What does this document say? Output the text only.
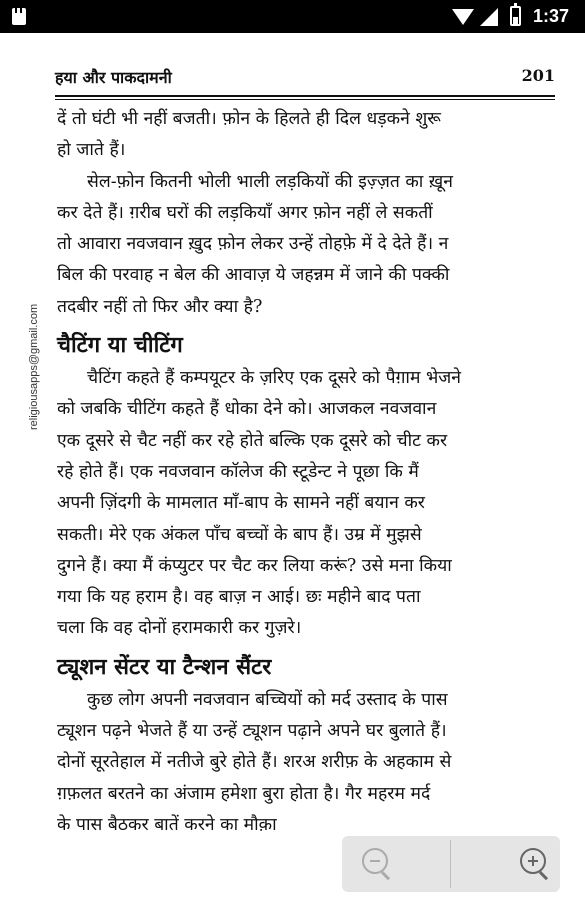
1:37
हया और पाकदामनी	201
religiousapps@gmail.com
दें तो घंटी भी नहीं बजती। फ़ोन के हिलते ही दिल धड़कने शुरू
हो जाते हैं।
सेल-फ़ोन कितनी भोली भाली लड़कियों की इज़्ज़त का ख़ून
कर देते हैं। ग़रीब घरों की लड़कियाँ अगर फ़ोन नहीं ले सकतीं
तो आवारा नवजवान ख़ुद फ़ोन लेकर उन्हें तोहफ़े में दे देते हैं। न
बिल की परवाह न बेल की आवाज़ ये जहन्नम में जाने की पक्की
तदबीर नहीं तो फिर और क्या है?
चैटिंग या चीटिंग
चैटिंग कहते हैं कम्पयूटर के ज़रिए एक दूसरे को पैग़ाम भेजने
को जबकि चीटिंग कहते हैं धोका देने को। आजकल नवजवान
एक दूसरे से चैट नहीं कर रहे होते बल्कि एक दूसरे को चीट कर
रहे होते हैं। एक नवजवान कॉलेज की स्टूडेन्ट ने पूछा कि मैं
अपनी ज़िंदगी के मामलात माँ-बाप के सामने नहीं बयान कर
सकती। मेरे एक अंकल पाँच बच्चों के बाप हैं। उम्र में मुझसे
दुगने हैं। क्या मैं कंप्युटर पर चैट कर लिया करूं? उसे मना किया
गया कि यह हराम है। वह बाज़ न आई। छः महीने बाद पता
चला कि वह दोनों हरामकारी कर गुज़रे।
ट्यूशन सेंटर या टैन्शन सैंटर
कुछ लोग अपनी नवजवान बच्चियों को मर्द उस्ताद के पास
ट्यूशन पढ़ने भेजते हैं या उन्हें ट्यूशन पढ़ाने अपने घर बुलाते हैं।
दोनों सूरतेहाल में नतीजे बुरे होते हैं। शरअ शरीफ़ के अहकाम से
ग़फ़लत बरतने का अंजाम हमेशा बुरा होता है। गैर महरम मर्द
के पास बैठकर बातें करने का मौक़ा
